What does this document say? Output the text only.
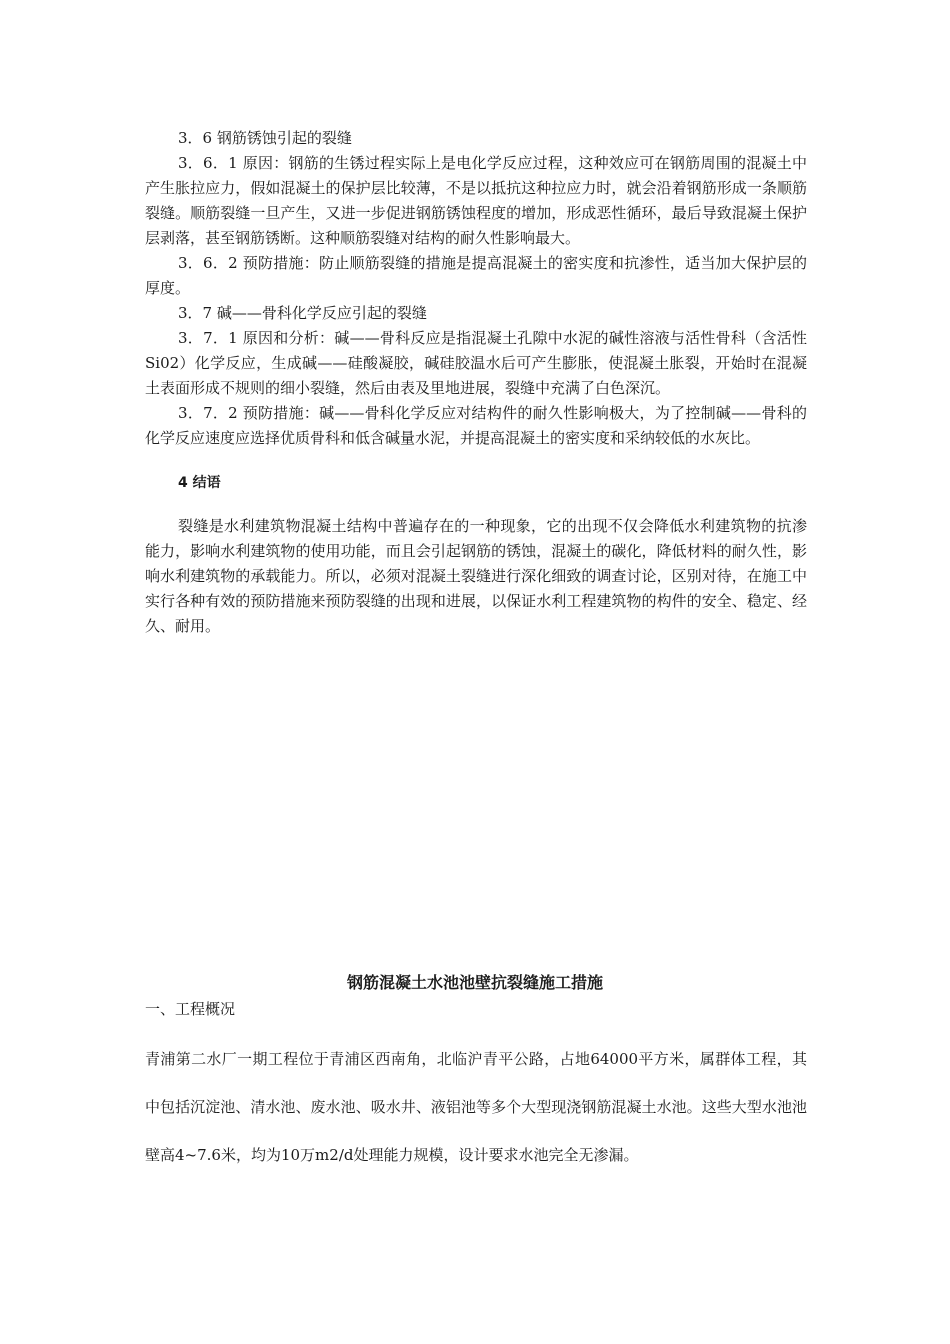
3．6 钢筋锈蚀引起的裂缝

3．6．1 原因：钢筋的生锈过程实际上是电化学反应过程，这种效应可在钢筋周围的混凝土中产生胀拉应力，假如混凝土的保护层比较薄，不是以抵抗这种拉应力时，就会沿着钢筋形成一条顺筋裂缝。顺筋裂缝一旦产生，又进一步促进钢筋锈蚀程度的增加，形成恶性循环，最后导致混凝土保护层剥落，甚至钢筋锈断。这种顺筋裂缝对结构的耐久性影响最大。

3．6．2 预防措施：防止顺筋裂缝的措施是提高混凝土的密实度和抗渗性，适当加大保护层的厚度。

3．7 碱——骨科化学反应引起的裂缝

3．7．1 原因和分析：碱——骨科反应是指混凝土孔隙中水泥的碱性溶液与活性骨科（含活性 Si02）化学反应，生成碱——硅酸凝胶，碱硅胶温水后可产生膨胀，使混凝土胀裂，开始时在混凝土表面形成不规则的细小裂缝，然后由表及里地进展，裂缝中充满了白色深沉。

3．7．2 预防措施：碱——骨科化学反应对结构件的耐久性影响极大，为了控制碱——骨科的化学反应速度应选择优质骨科和低含碱量水泥，并提高混凝土的密实度和采纳较低的水灰比。

4 结语

裂缝是水利建筑物混凝土结构中普遍存在的一种现象，它的出现不仅会降低水利建筑物的抗渗能力，影响水利建筑物的使用功能，而且会引起钢筋的锈蚀，混凝土的碳化，降低材料的耐久性，影响水利建筑物的承载能力。所以，必须对混凝土裂缝进行深化细致的调查讨论，区别对待，在施工中实行各种有效的预防措施来预防裂缝的出现和进展，以保证水利工程建筑物的构件的安全、稳定、经久、耐用。

钢筋混凝土水池池壁抗裂缝施工措施

一、工程概况

青浦第二水厂一期工程位于青浦区西南角，北临沪青平公路，占地64000平方米，属群体工程，其中包括沉淀池、清水池、废水池、吸水井、液铝池等多个大型现浇钢筋混凝土水池。这些大型水池池壁高4~7.6米，均为10万m2/d处理能力规模，设计要求水池完全无渗漏。
